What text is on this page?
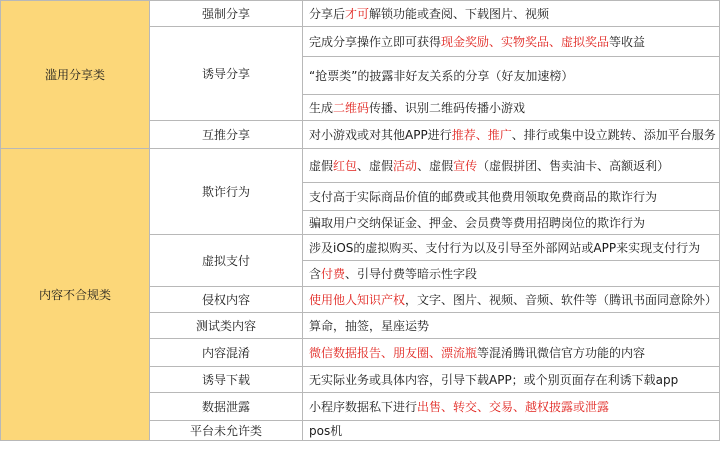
滥用分享类	强制分享	分享后才可解锁功能或查阅、下载图片、视频
	诱导分享	完成分享操作立即可获得现金奖励、实物奖品、虚拟奖品等收益
		“抢票类”的披露非好友关系的分享（好友加速榜）
		生成二维码传播、识别二维码传播小游戏
	互推分享	对小游戏或对其他APP进行推荐、推广、排行或集中设立跳转、添加平台服务
内容不合规类	欺诈行为	虚假红包、虚假活动、虚假宣传（虚假拼团、售卖油卡、高额返利）
		支付高于实际商品价值的邮费或其他费用领取免费商品的欺诈行为
		骗取用户交纳保证金、押金、会员费等费用招聘岗位的欺诈行为
	虚拟支付	涉及iOS的虚拟购买、支付行为以及引导至外部网站或APP来实现支付行为
		含付费、引导付费等暗示性字段
	侵权内容	使用他人知识产权，文字、图片、视频、音频、软件等（腾讯书面同意除外）
	测试类内容	算命，抽签，星座运势
	内容混淆	微信数据报告、朋友圈、漂流瓶等混淆腾讯微信官方功能的内容
	诱导下载	无实际业务或具体内容，引导下载APP；或个别页面存在利诱下载app
	数据泄露	小程序数据私下进行出售、转交、交易、越权披露或泄露
	平台未允许类	pos机
